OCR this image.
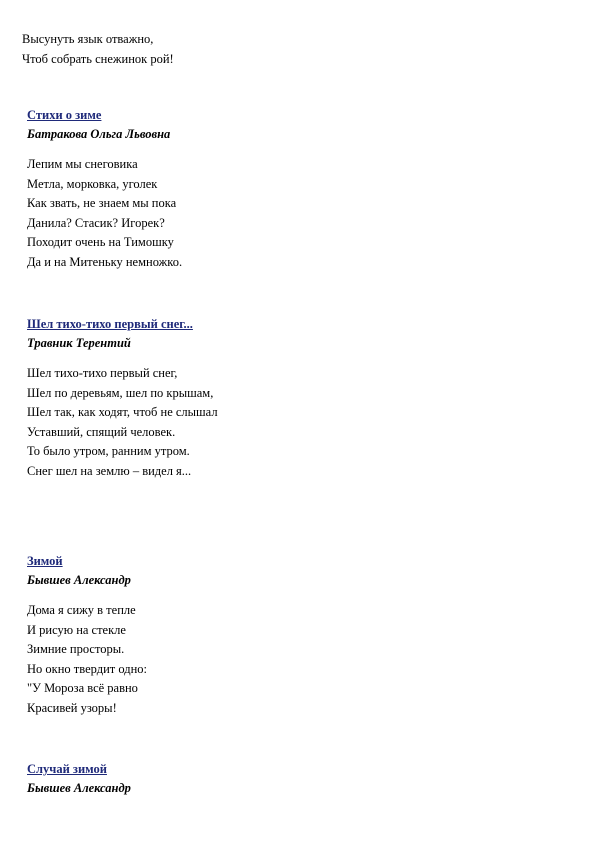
Высунуть язык отважно,
Чтоб собрать снежинок рой!
Стихи о зиме
Батракова Ольга Львовна
Лепим мы снеговика
Метла, морковка, уголек
Как звать, не знаем мы пока
Данила? Стасик? Игорек?
Походит очень на Тимошку
Да и на Митеньку немножко.
Шел тихо-тихо первый снег...
Травник Терентий
Шел тихо-тихо первый снег,
Шел по деревьям, шел по крышам,
Шел так, как ходят, чтоб не слышал
Уставший, спящий человек.
То было утром, ранним утром.
Снег шел на землю – видел я...
Зимой
Бывшев Александр
Дома я сижу в тепле
И рисую на стекле
Зимние просторы.
Но окно твердит одно:
"У Мороза всё равно
Красивей узоры!
Случай зимой
Бывшев Александр
